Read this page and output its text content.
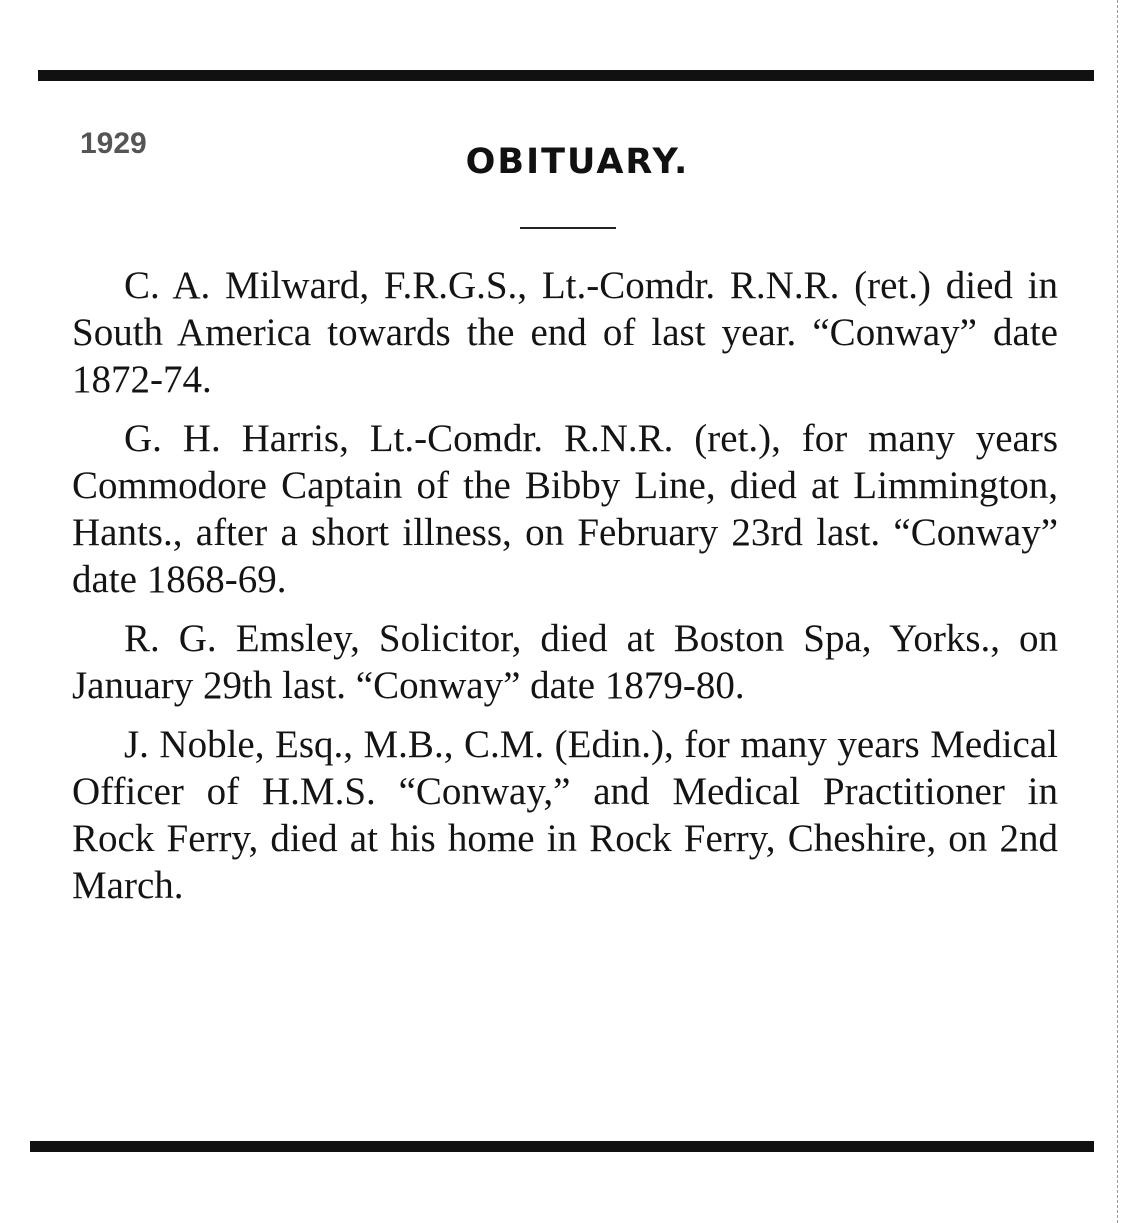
1929	OBITUARY.

C. A. Milward, F.R.G.S., Lt.-Comdr. R.N.R. (ret.) died in South America towards the end of last year. “Conway” date 1872-74.

G. H. Harris, Lt.-Comdr. R.N.R. (ret.), for many years Commodore Captain of the Bibby Line, died at Limmington, Hants., after a short illness, on February 23rd last. “Conway” date 1868-69.

R. G. Emsley, Solicitor, died at Boston Spa, Yorks., on January 29th last. “Conway” date 1879-80.

J. Noble, Esq., M.B., C.M. (Edin.), for many years Medical Officer of H.M.S. “Conway,” and Medical Practitioner in Rock Ferry, died at his home in Rock Ferry, Cheshire, on 2nd March.
